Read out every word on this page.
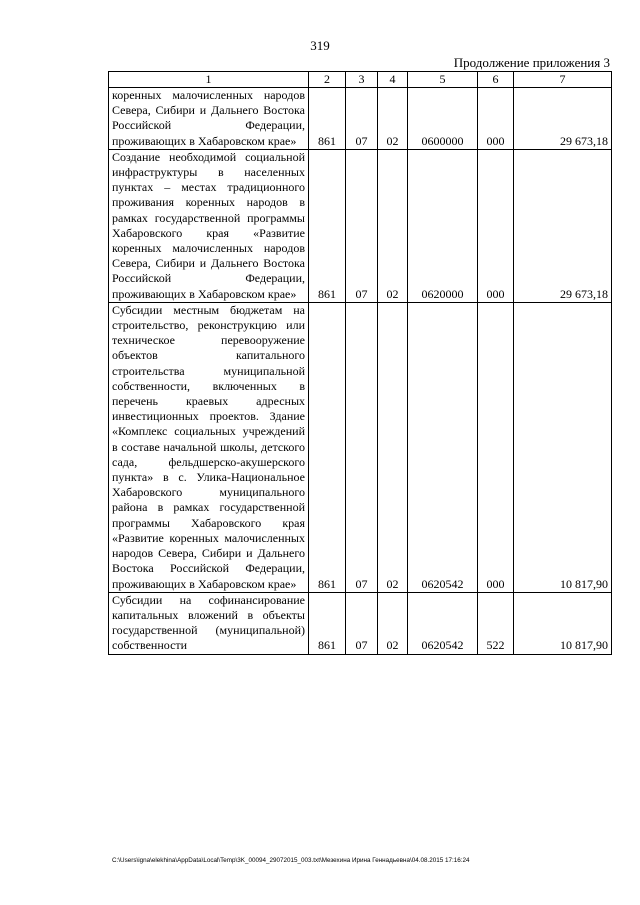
319
Продолжение приложения 3
1	2	3	4	5	6	7
коренных малочисленных народов Севера, Сибири и Дальнего Востока Российской Федерации, проживающих в Хабаровском крае»	861	07	02	0600000	000	29 673,18
Создание необходимой социальной инфраструктуры в населенных пунктах – местах традиционного проживания коренных народов в рамках государственной программы Хабаровского края «Развитие коренных малочисленных народов Севера, Сибири и Дальнего Востока Российской Федерации, проживающих в Хабаровском крае»	861	07	02	0620000	000	29 673,18
Субсидии местным бюджетам на строительство, реконструкцию или техническое перевооружение объектов капитального строительства муниципальной собственности, включенных в перечень краевых адресных инвестиционных проектов. Здание «Комплекс социальных учреждений в составе начальной школы, детского сада, фельдшерско-акушерского пункта» в с. Улика-Национальное Хабаровского муниципального района в рамках государственной программы Хабаровского края «Развитие коренных малочисленных народов Севера, Сибири и Дальнего Востока Российской Федерации, проживающих в Хабаровском крае»	861	07	02	0620542	000	10 817,90
Субсидии на софинансирование капитальных вложений в объекты государственной (муниципальной) собственности	861	07	02	0620542	522	10 817,90
C:\Users\igna\elekhina\AppData\Local\Temp\3K_00094_29072015_003.txt\Мезехина Ирина Геннадьевна\04.08.2015 17:16:24
